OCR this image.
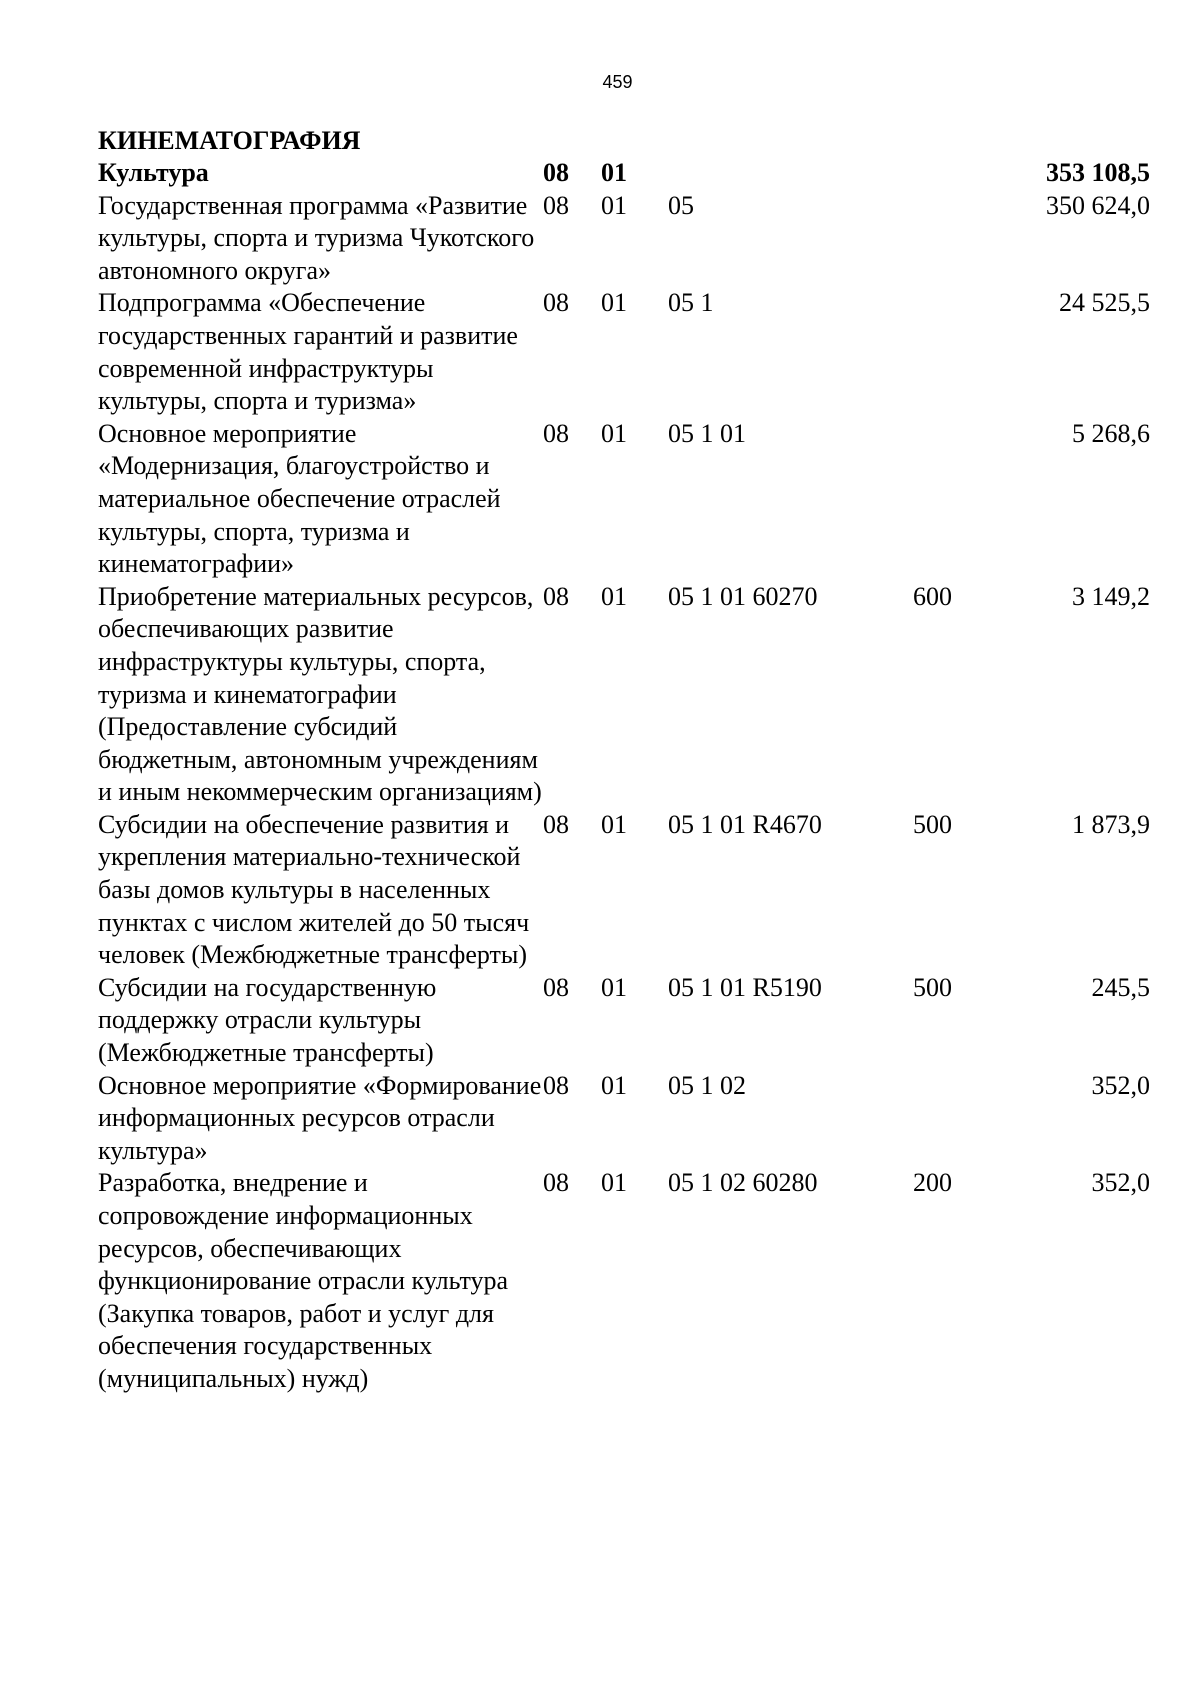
459
КИНЕМАТОГРАФИЯ
Культура	08	01			353 108,5
Государственная программа «Развитие культуры, спорта и туризма Чукотского автономного округа»	08	01	05		350 624,0
Подпрограмма «Обеспечение государственных гарантий и развитие современной инфраструктуры культуры, спорта и туризма»	08	01	05 1		24 525,5
Основное мероприятие «Модернизация, благоустройство и материальное обеспечение отраслей культуры, спорта, туризма и кинематографии»	08	01	05 1 01		5 268,6
Приобретение материальных ресурсов, обеспечивающих развитие инфраструктуры культуры, спорта, туризма и кинематографии (Предоставление субсидий бюджетным, автономным учреждениям и иным некоммерческим организациям)	08	01	05 1 01 60270	600	3 149,2
Субсидии на обеспечение развития и укрепления материально-технической базы домов культуры в населенных пунктах с числом жителей до 50 тысяч человек (Межбюджетные трансферты)	08	01	05 1 01 R4670	500	1 873,9
Субсидии на государственную поддержку отрасли культуры (Межбюджетные трансферты)	08	01	05 1 01 R5190	500	245,5
Основное мероприятие «Формирование информационных ресурсов отрасли культура»	08	01	05 1 02		352,0
Разработка, внедрение и сопровождение информационных ресурсов, обеспечивающих функционирование отрасли культура (Закупка товаров, работ и услуг для обеспечения государственных (муниципальных) нужд)	08	01	05 1 02 60280	200	352,0
